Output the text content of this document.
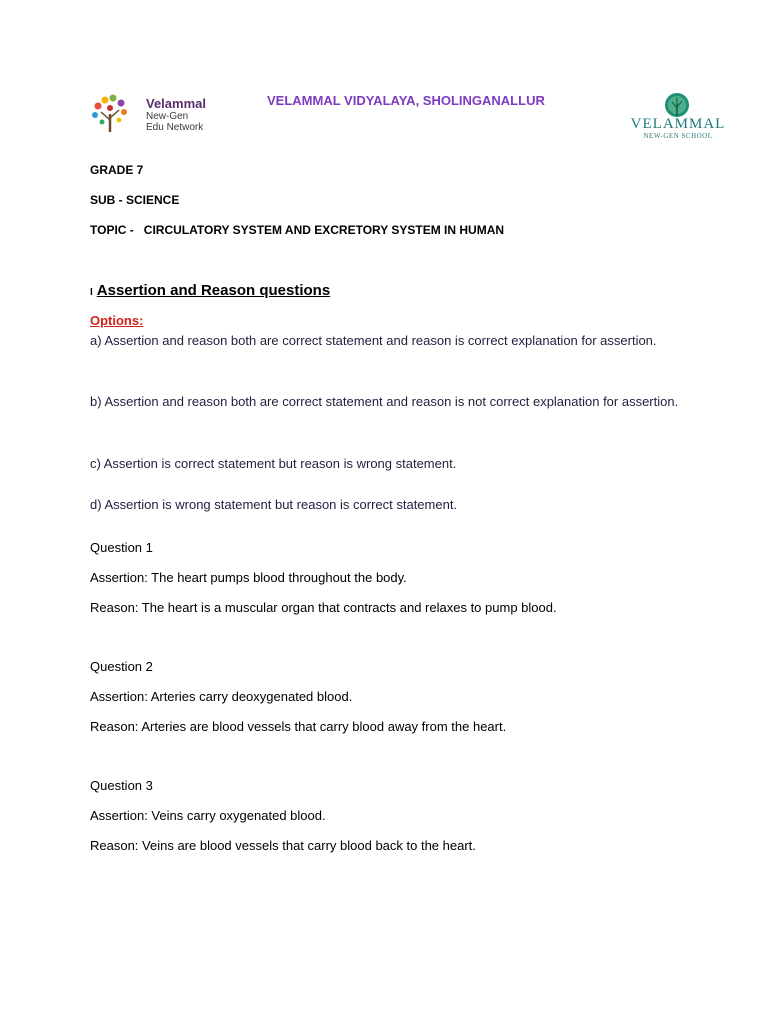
Velammal
New-Gen
Edu Network
VELAMMAL VIDYALAYA, SHOLINGANALLUR
VELAMMAL
NEW-GEN SCHOOL
GRADE 7
SUB - SCIENCE
TOPIC -   CIRCULATORY SYSTEM AND EXCRETORY SYSTEM IN HUMAN
I Assertion and Reason questions
Options:
a) Assertion and reason both are correct statement and reason is correct explanation for assertion.
b) Assertion and reason both are correct statement and reason is not correct explanation for assertion.
c) Assertion is correct statement but reason is wrong statement.
d) Assertion is wrong statement but reason is correct statement.
Question 1
Assertion: The heart pumps blood throughout the body.
Reason: The heart is a muscular organ that contracts and relaxes to pump blood.
Question 2
Assertion: Arteries carry deoxygenated blood.
Reason: Arteries are blood vessels that carry blood away from the heart.
Question 3
Assertion: Veins carry oxygenated blood.
Reason: Veins are blood vessels that carry blood back to the heart.
